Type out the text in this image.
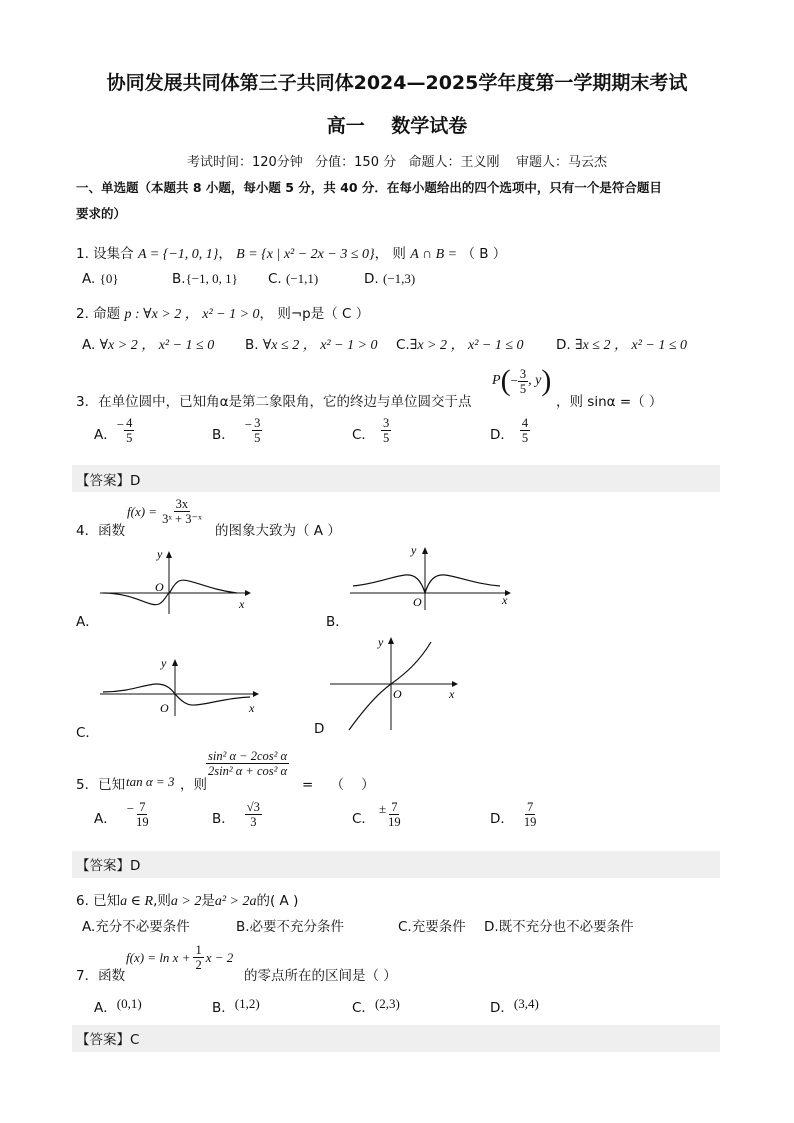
协同发展共同体第三子共同体2024—2025学年度第一学期期末考试
高一    数学试卷
考试时间：120分钟   分值：150 分   命题人：王义刚    审题人：马云杰
一、单选题（本题共 8 小题，每小题 5 分，共 40 分．在每小题给出的四个选项中，只有一个是符合题目
要求的）
1. 设集合 A = {−1, 0, 1}， B = {x | x² − 2x − 3 ≤ 0}， 则 A ∩ B = （ B ）
A. {0}	B.{−1, 0, 1} C. (−1,1)	D. (−1,3)
2. 命题 p : ∀x > 2 ， x² − 1 > 0， 则¬p是（ C ）
A. ∀x > 2 ， x² − 1 ≤ 0 B. ∀x ≤ 2 ， x² − 1 > 0 C.∃x > 2 ， x² − 1 ≤ 0 D. ∃x ≤ 2 ， x² − 1 ≤ 0
3．在单位圆中，已知角α是第二象限角，它的终边与单位圆交于点
P ( − $\frac{3}{5}$ , y )
，则 sinα =（ ）
A．
− $\frac{4}{5}$	B．
− $\frac{3}{5}$	C． $\frac{3}{5}$	D． $\frac{4}{5}$
【答案】D
4．函数
$f(x) = \frac{3x}{\text{3ˣ + 3⁻ˣ}}$
的图象大致为（ A ）
y
O
x
A．
y
O	x
B．
y
O	x
C．
y
O	x
D
5．已知 tan α = 3 ，则
$\frac{\text{sin² α − 2cos² α}}{\text{2sin² α + cos² α}}$
=    （    ）
A．
− $\frac{7}{19}$	B． $\frac{√3}{3}$	C．
± $\frac{7}{19}$	D． $\frac{7}{19}$
【答案】D
6. 已知a ∈ R,则a > 2是a² > 2a的( A )
A.充分不必要条件	B.必要不充分条件	C.充要条件 D.既不充分也不必要条件
7．函数
$f(x) = \ln x + \frac{1}{2}$ x − 2
的零点所在的区间是（ ）
A．(0,1)	B．(1,2)	C．(2,3)	D．(3,4)
【答案】C
